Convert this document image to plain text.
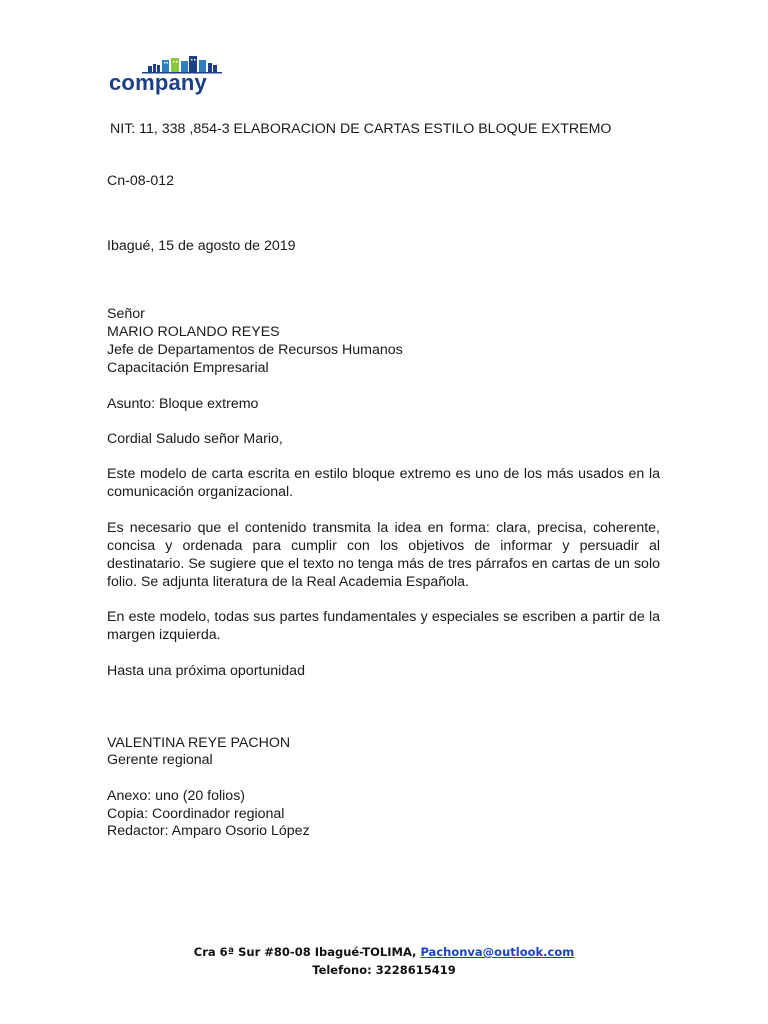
company
NIT: 11, 338 ,854-3 ELABORACION DE CARTAS ESTILO BLOQUE EXTREMO
Cn-08-012
Ibagué, 15 de agosto de 2019
Señor
MARIO ROLANDO REYES
Jefe de Departamentos de Recursos Humanos
Capacitación Empresarial
Asunto: Bloque extremo
Cordial Saludo señor Mario,
Este modelo de carta escrita en estilo bloque extremo es uno de los más usados en la comunicación organizacional.
Es necesario que el contenido transmita la idea en forma: clara, precisa, coherente, concisa y ordenada para cumplir con los objetivos de informar y persuadir al destinatario. Se sugiere que el texto no tenga más de tres párrafos en cartas de un solo folio. Se adjunta literatura de la Real Academia Española.
En este modelo, todas sus partes fundamentales y especiales se escriben a partir de la margen izquierda.
Hasta una próxima oportunidad
VALENTINA REYE PACHON
Gerente regional
Anexo: uno (20 folios)
Copia: Coordinador regional
Redactor: Amparo Osorio López
Cra 6ª Sur #80-08 Ibagué-TOLIMA, Pachonva@outlook.com
Telefono: 3228615419
